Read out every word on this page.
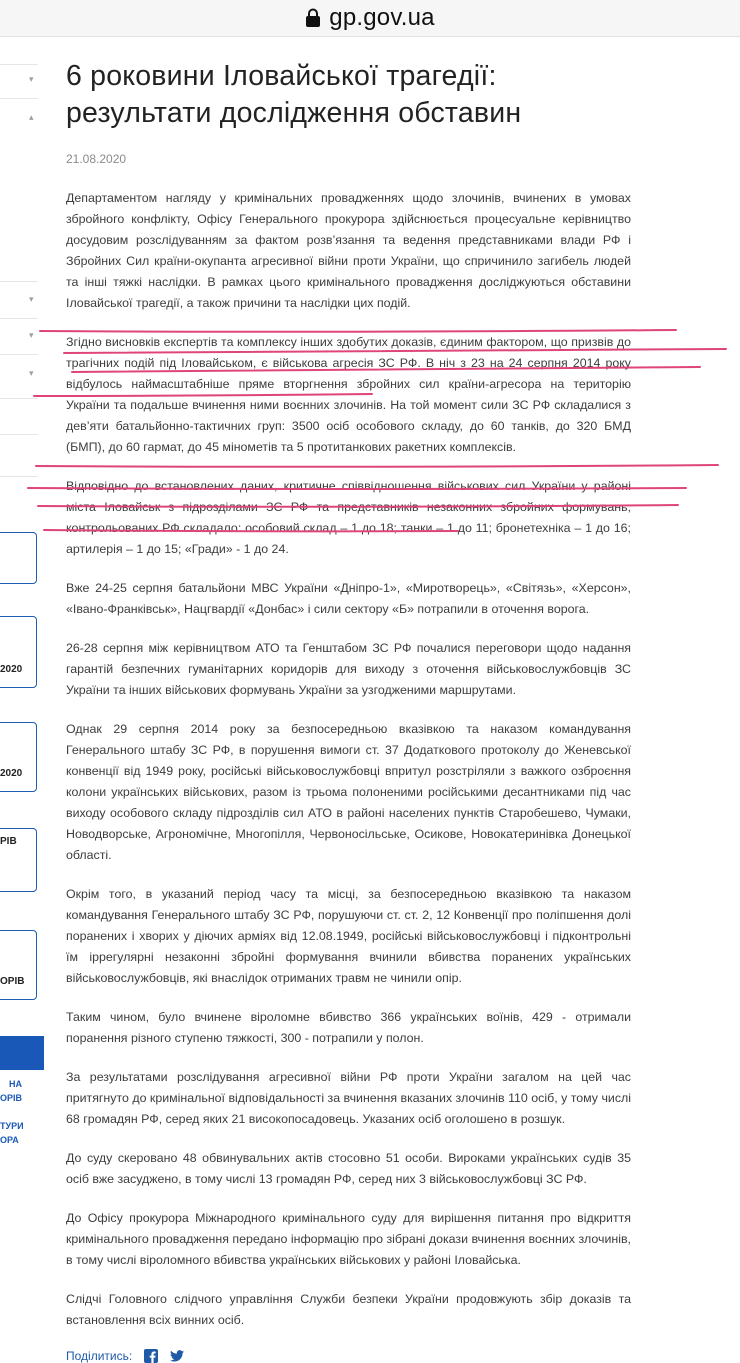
gp.gov.ua
▾
▴
▾
▾
▾
2020
2020
РІВ
ОРІВ
НА
ОРІВ
ТУРИ
ОРА
6 роковини Іловайської трагедії: результати дослідження обставин
21.08.2020

Департаментом нагляду у кримінальних провадженнях щодо злочинів, вчинених в умовах збройного конфлікту, Офісу Генерального прокурора здійснюється процесуальне керівництво досудовим розслідуванням за фактом розв’язання та ведення представниками влади РФ і Збройних Сил країни-окупанта агресивної війни проти України, що спричинило загибель людей та інші тяжкі наслідки. В рамках цього кримінального провадження досліджуються обставини Іловайської трагедії, а також причини та наслідки цих подій.

Згідно висновків експертів та комплексу інших здобутих доказів, єдиним фактором, що призвів до трагічних подій під Іловайськом, є військова агресія ЗС РФ. В ніч з 23 на 24 серпня 2014 року відбулось наймасштабніше пряме вторгнення збройних сил країни-агресора на територію України та подальше вчинення ними воєнних злочинів. На той момент сили ЗС РФ складалися з дев’яти батальйонно-тактичних груп: 3500 осіб особового складу, до 60 танків, до 320 БМД (БМП), до 60 гармат, до 45 мінометів та 5 протитанкових ракетних комплексів.

Відповідно до встановлених даних, критичне співвідношення військових сил України у районі міста Іловайськ з підрозділами ЗС РФ та представників незаконних збройних формувань, контрольованих РФ складало: особовий склад – 1 до 18; танки – 1 до 11; бронетехніка – 1 до 16; артилерія – 1 до 15; «Гради» - 1 до 24.

Вже 24-25 серпня батальйони МВС України «Дніпро-1», «Миротворець», «Світязь», «Херсон», «Івано-Франківськ», Нацгвардії «Донбас» і сили сектору «Б» потрапили в оточення ворога.

26-28 серпня між керівництвом АТО та Генштабом ЗС РФ почалися переговори щодо надання гарантій безпечних гуманітарних коридорів для виходу з оточення військовослужбовців ЗС України та інших військових формувань України за узгодженими маршрутами.

Однак 29 серпня 2014 року за безпосередньою вказівкою та наказом командування Генерального штабу ЗС РФ, в порушення вимоги ст. 37 Додаткового протоколу до Женевської конвенції від 1949 року, російські військовослужбовці впритул розстріляли з важкого озброєння колони українських військових, разом із трьома полоненими російськими десантниками під час виходу особового складу підрозділів сил АТО в районі населених пунктів Старобешево, Чумаки, Новодворське, Агрономічне, Многопілля, Червоносільське, Осикове, Новокатеринівка Донецької області.

Окрім того, в указаний період часу та місці, за безпосередньою вказівкою та наказом командування Генерального штабу ЗС РФ, порушуючи ст. ст. 2, 12 Конвенції про поліпшення долі поранених і хворих у діючих арміях від 12.08.1949, російські військовослужбовці і підконтрольні їм іррегулярні незаконні збройні формування вчинили вбивства поранених українських військовослужбовців, які внаслідок отриманих травм не чинили опір.

Таким чином, було вчинене віроломне вбивство 366 українських воїнів, 429 - отримали поранення різного ступеню тяжкості, 300 - потрапили у полон.

За результатами розслідування агресивної війни РФ проти України загалом на цей час притягнуто до кримінальної відповідальності за вчинення вказаних злочинів 110 осіб, у тому числі 68 громадян РФ, серед яких 21 високопосадовець. Указаних осіб оголошено в розшук.

До суду скеровано 48 обвинувальних актів стосовно 51 особи. Вироками українських судів 35 осіб вже засуджено, в тому числі 13 громадян РФ, серед них 3 військовослужбовці ЗС РФ.

До Офісу прокурора Міжнародного кримінального суду для вирішення питання про відкриття кримінального провадження передано інформацію про зібрані докази вчинення воєнних злочинів, в тому числі віроломного вбивства українських військових у районі Іловайська.

Слідчі Головного слідчого управління Служби безпеки України продовжують збір доказів та встановлення всіх винних осіб.

Поділитись:
